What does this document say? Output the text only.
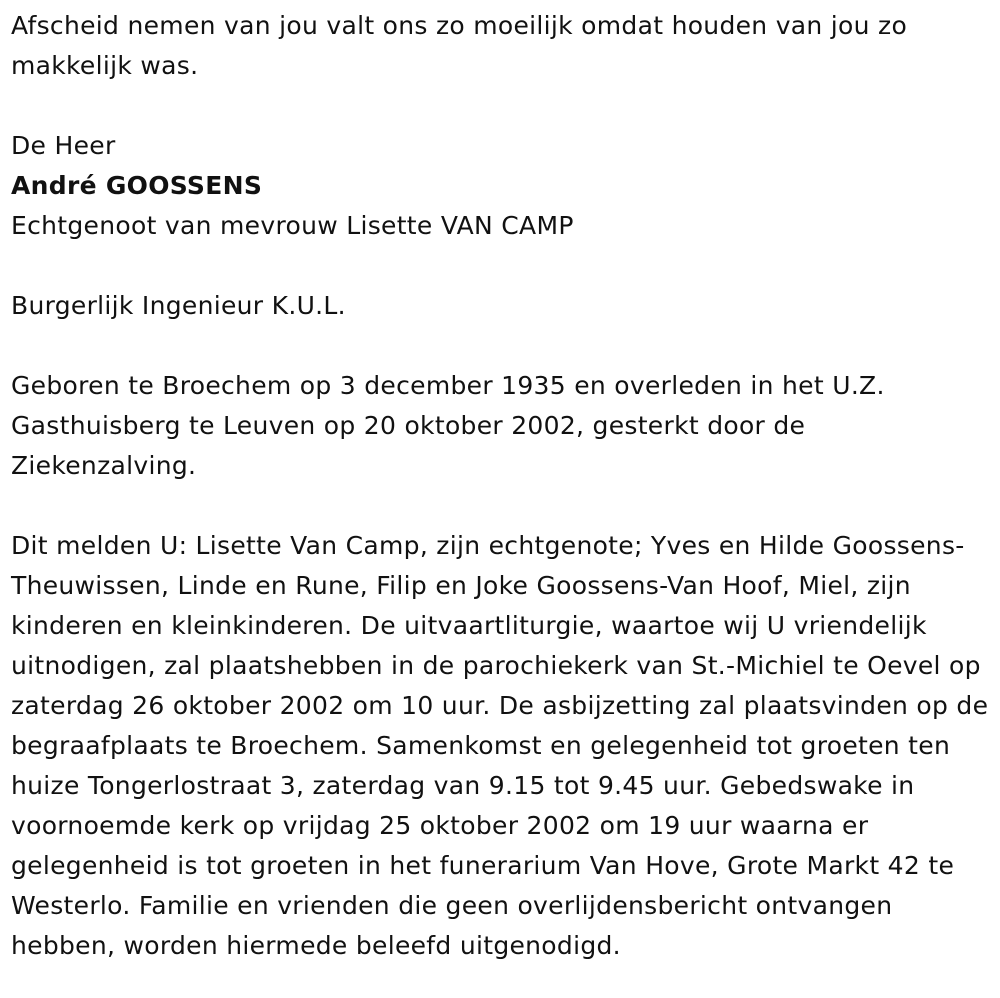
Afscheid nemen van jou valt ons zo moeilijk omdat houden van jou zo makkelijk was.

De Heer

André GOOSSENS

Echtgenoot van mevrouw Lisette VAN CAMP

Burgerlijk Ingenieur K.U.L.

Geboren te Broechem op 3 december 1935 en overleden in het U.Z. Gasthuisberg te Leuven op 20 oktober 2002, gesterkt door de Ziekenzalving.

Dit melden U: Lisette Van Camp, zijn echtgenote; Yves en Hilde Goossens-Theuwissen, Linde en Rune, Filip en Joke Goossens-Van Hoof, Miel, zijn kinderen en kleinkinderen. De uitvaartliturgie, waartoe wij U vriendelijk uitnodigen, zal plaatshebben in de parochiekerk van St.-Michiel te Oevel op zaterdag 26 oktober 2002 om 10 uur. De asbijzetting zal plaatsvinden op de begraafplaats te Broechem. Samenkomst en gelegenheid tot groeten ten huize Tongerlostraat 3, zaterdag van 9.15 tot 9.45 uur. Gebedswake in voornoemde kerk op vrijdag 25 oktober 2002 om 19 uur waarna er gelegenheid is tot groeten in het funerarium Van Hove, Grote Markt 42 te Westerlo. Familie en vrienden die geen overlijdensbericht ontvangen hebben, worden hiermede beleefd uitgenodigd.
